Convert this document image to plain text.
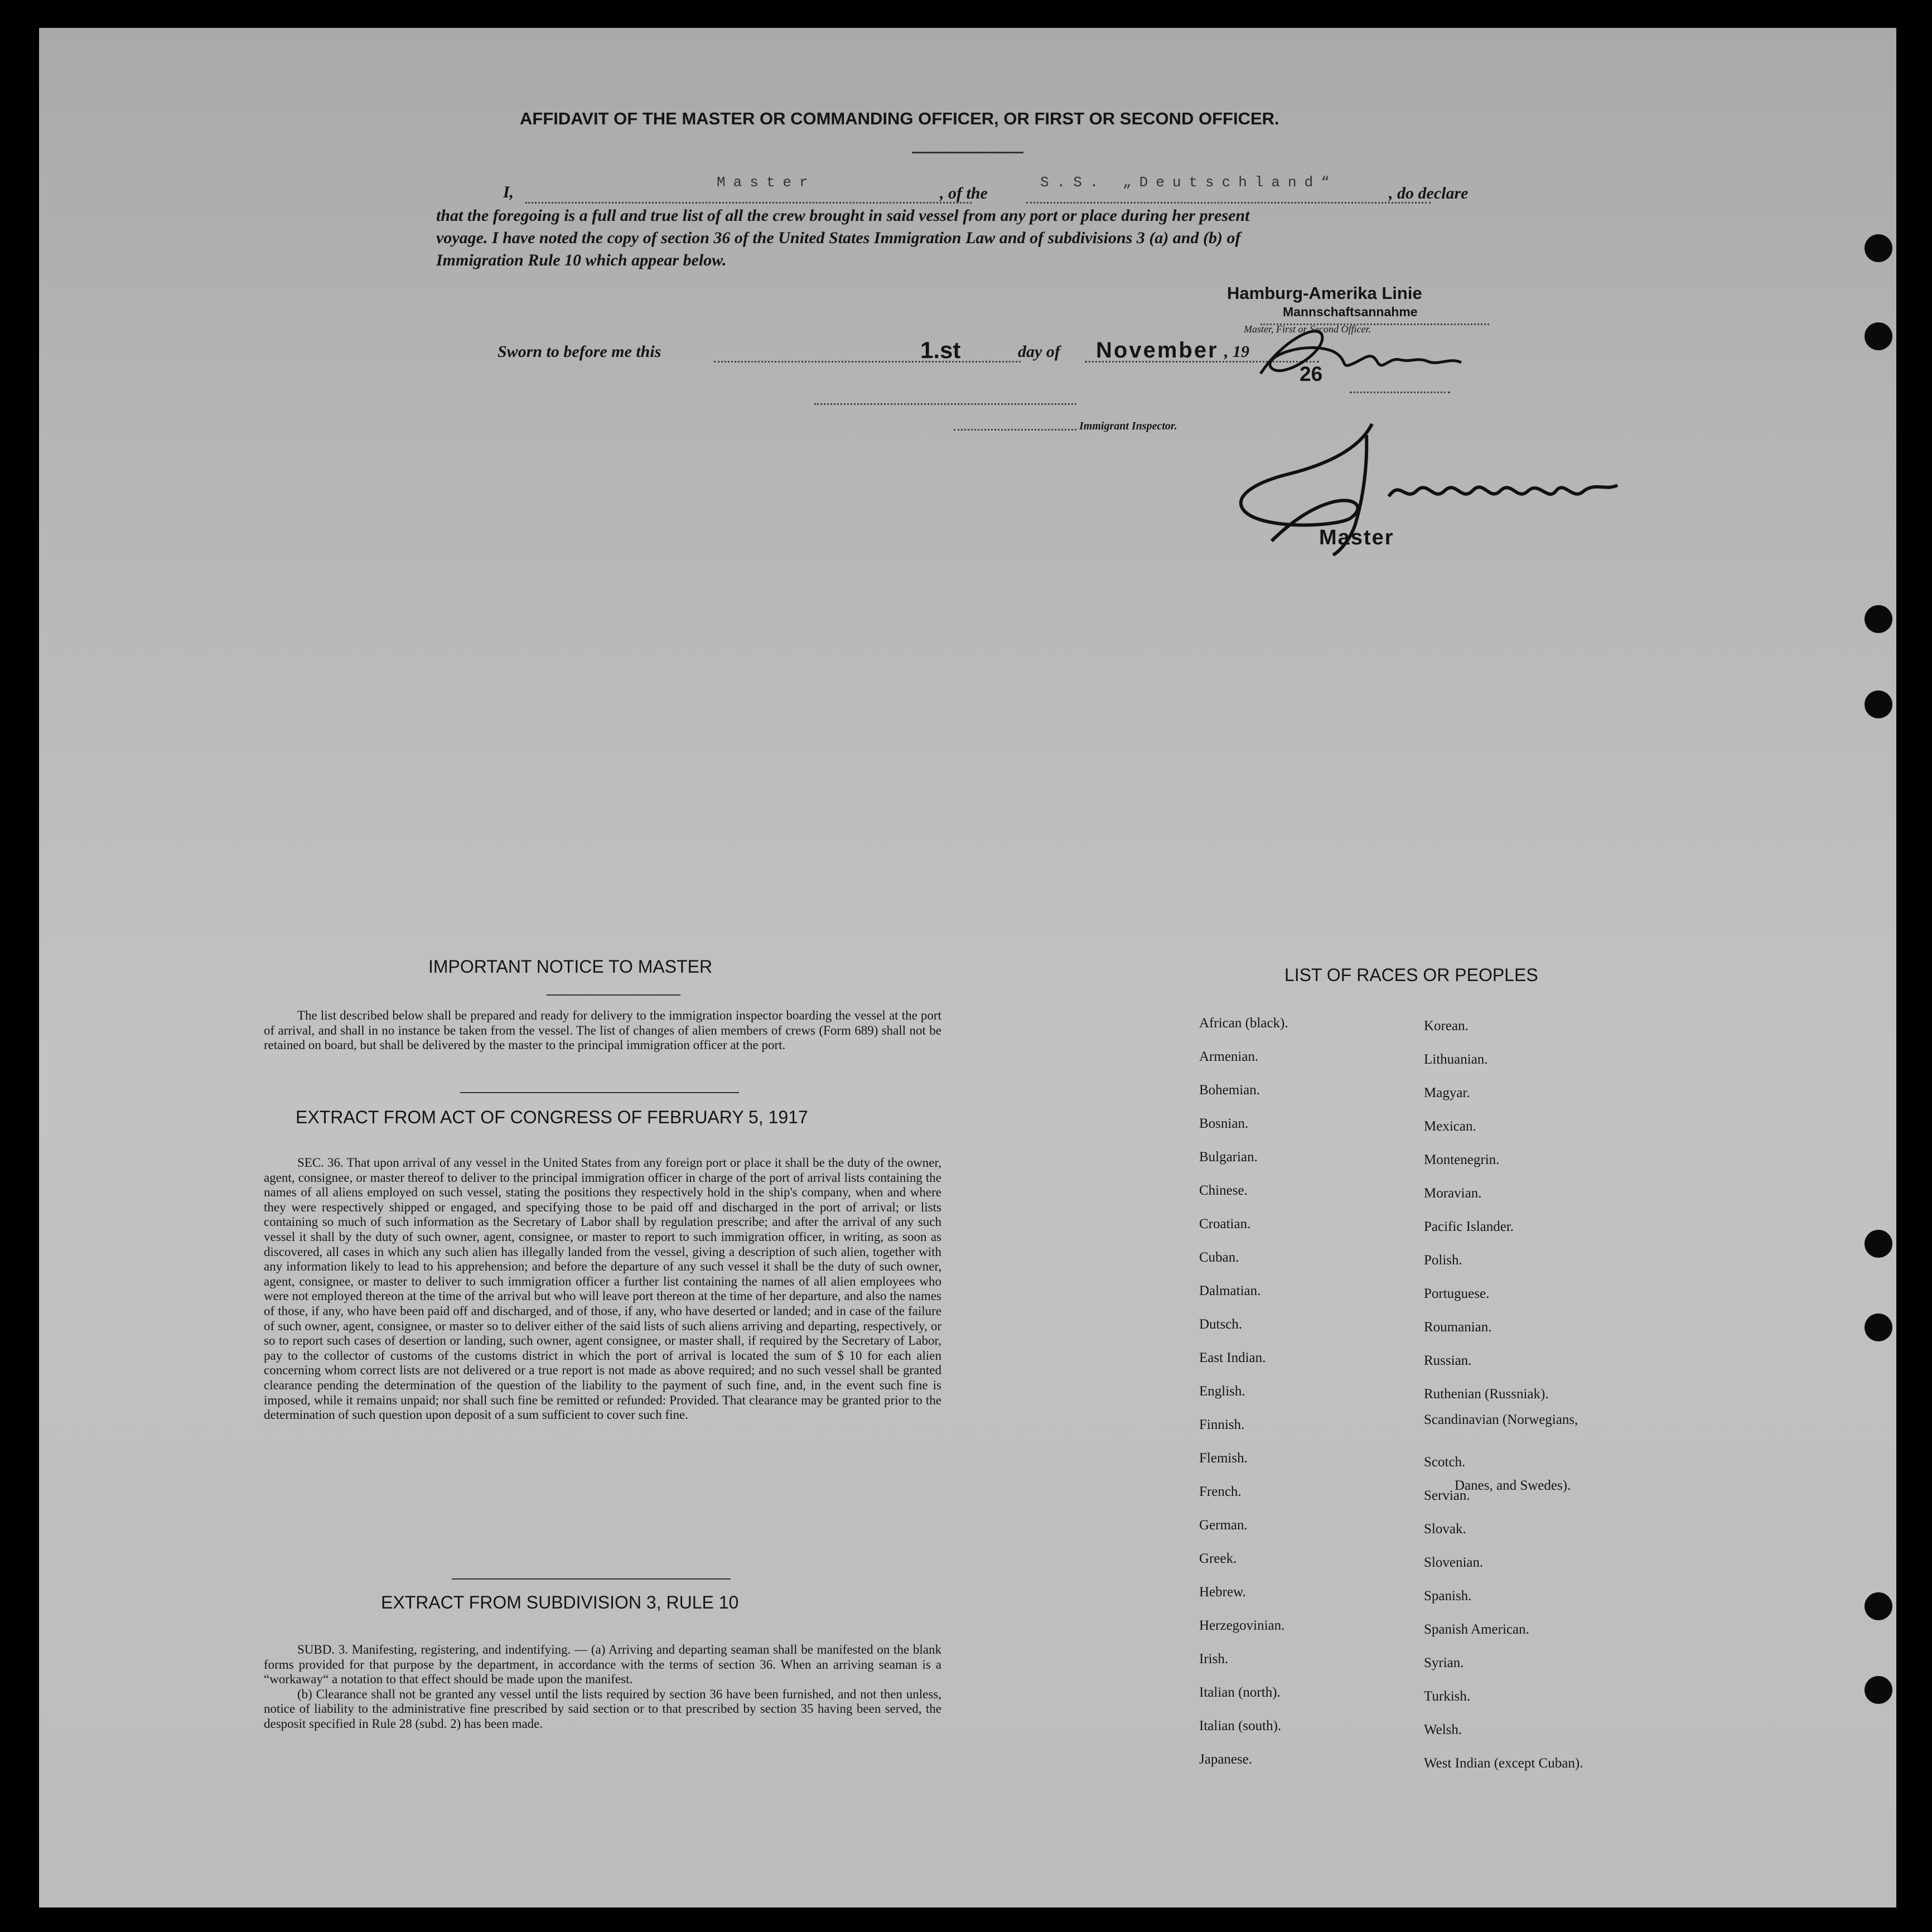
AFFIDAVIT OF THE MASTER OR COMMANDING OFFICER, OR FIRST OR SECOND OFFICER.
I,
Master
, of the
S.S. „Deutschland“
, do declare
that the foregoing is a full and true list of all the crew brought in said vessel from any port or place during her present
voyage. I have noted the copy of section 36 of the United States Immigration Law and of subdivisions 3 (a) and (b) of
Immigration Rule 10 which appear below.
Hamburg-Amerika Linie
Mannschaftsannahme
Master, First or Second Officer.
Sworn to before me this	1.st	day of November , 19
26
Immigrant Inspector.
Master
IMPORTANT NOTICE TO MASTER

The list described below shall be prepared and ready for delivery to the immigration inspector boarding the vessel at the port of arrival, and shall in no instance be taken from the vessel. The list of changes of alien members of crews (Form 689) shall not be retained on board, but shall be delivered by the master to the principal immigration officer at the port.

EXTRACT FROM ACT OF CONGRESS OF FEBRUARY 5, 1917

SEC. 36. That upon arrival of any vessel in the United States from any foreign port or place it shall be the duty of the owner, agent, consignee, or master thereof to deliver to the principal immigration officer in charge of the port of arrival lists containing the names of all aliens employed on such vessel, stating the positions they respectively hold in the ship's company, when and where they were respectively shipped or engaged, and specifying those to be paid off and discharged in the port of arrival; or lists containing so much of such information as the Secretary of Labor shall by regulation prescribe; and after the arrival of any such vessel it shall by the duty of such owner, agent, consignee, or master to report to such immigration officer, in writing, as soon as discovered, all cases in which any such alien has illegally landed from the vessel, giving a description of such alien, together with any information likely to lead to his apprehension; and before the departure of any such vessel it shall be the duty of such owner, agent, consignee, or master to deliver to such immigration officer a further list containing the names of all alien employees who were not employed thereon at the time of the arrival but who will leave port thereon at the time of her departure, and also the names of those, if any, who have been paid off and discharged, and of those, if any, who have deserted or landed; and in case of the failure of such owner, agent, consignee, or master so to deliver either of the said lists of such aliens arriving and departing, respectively, or so to report such cases of desertion or landing, such owner, agent consignee, or master shall, if required by the Secretary of Labor, pay to the collector of customs of the customs district in which the port of arrival is located the sum of $ 10 for each alien concerning whom correct lists are not delivered or a true report is not made as above required; and no such vessel shall be granted clearance pending the determination of the question of the liability to the payment of such fine, and, in the event such fine is imposed, while it remains unpaid; nor shall such fine be remitted or refunded: Provided. That clearance may be granted prior to the determination of such question upon deposit of a sum sufficient to cover such fine.

EXTRACT FROM SUBDIVISION 3, RULE 10

SUBD. 3. Manifesting, registering, and indentifying. — (a) Arriving and departing seaman shall be manifested on the blank forms provided for that purpose by the department, in accordance with the terms of section 36. When an arriving seaman is a “workaway“ a notation to that effect should be made upon the manifest.

(b) Clearance shall not be granted any vessel until the lists required by section 36 have been furnished, and not then unless, notice of liability to the administrative fine prescribed by said section or to that prescribed by section 35 having been served, the desposit specified in Rule 28 (subd. 2) has been made.

LIST OF RACES OR PEOPLES
African (black).
Armenian.
Bohemian.
Bosnian.
Bulgarian.
Chinese.
Croatian.
Cuban.
Dalmatian.
Dutsch.
East Indian.
English.
Finnish.
Flemish.
French.
German.
Greek.
Hebrew.
Herzegovinian.
Irish.
Italian (north).
Italian (south).
Japanese.
Korean.
Lithuanian.
Magyar.
Mexican.
Montenegrin.
Moravian.
Pacific Islander.
Polish.
Portuguese.
Roumanian.
Russian.
Ruthenian (Russniak).
Scandinavian (Norwegians,
Scotch.
Servian.
Slovak.
Slovenian.
Spanish.
Spanish American.
Syrian.
Turkish.
Welsh.
West Indian (except Cuban).
Danes, and Swedes).
